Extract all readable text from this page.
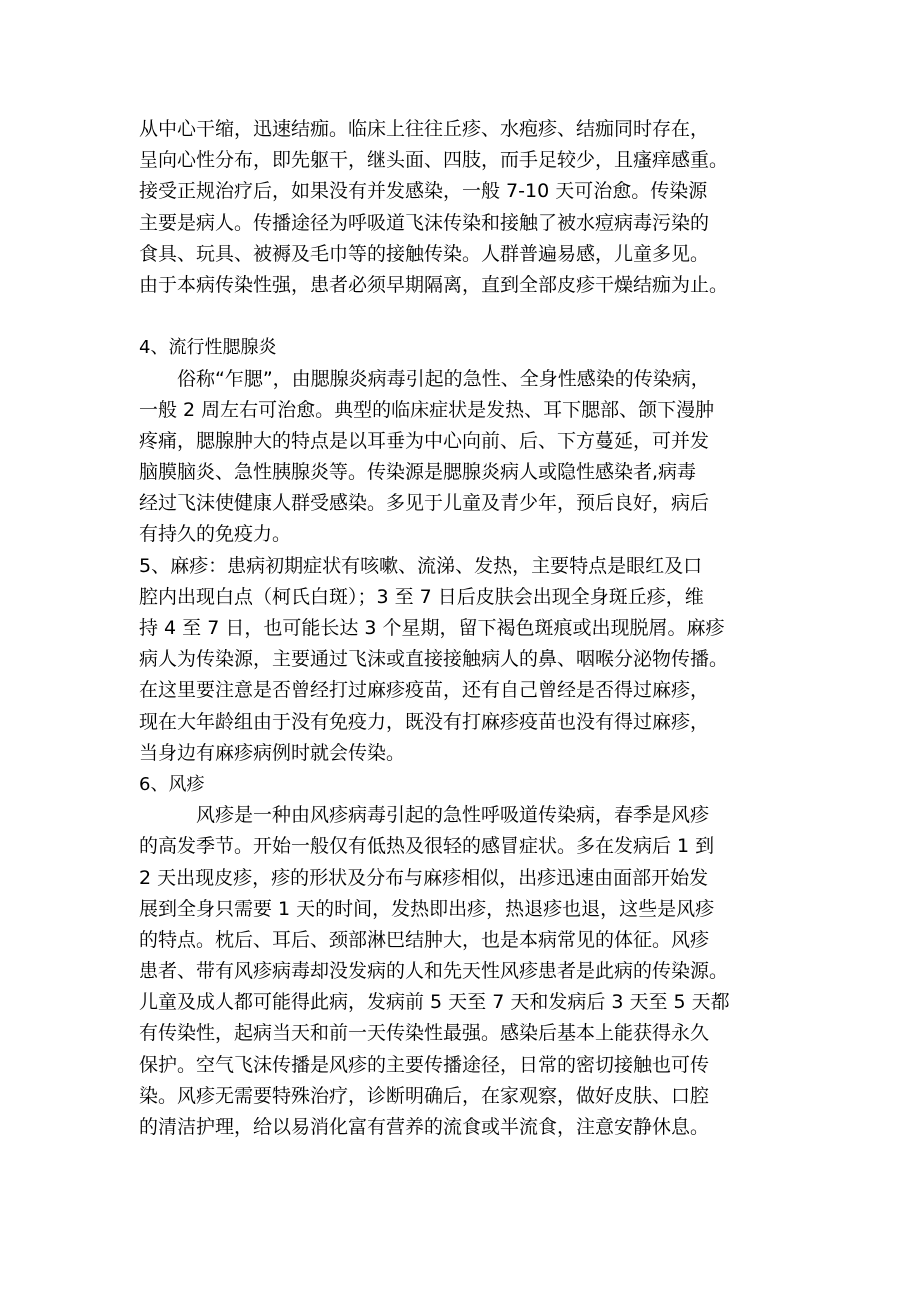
从中心干缩，迅速结痂。临床上往往丘疹、水疱疹、结痂同时存在，
呈向心性分布，即先躯干，继头面、四肢，而手足较少，且瘙痒感重。
接受正规治疗后，如果没有并发感染，一般 7-10 天可治愈。传染源
主要是病人。传播途径为呼吸道飞沫传染和接触了被水痘病毒污染的
食具、玩具、被褥及毛巾等的接触传染。人群普遍易感，儿童多见。
由于本病传染性强，患者必须早期隔离，直到全部皮疹干燥结痂为止。
4、流行性腮腺炎
　　俗称“乍腮”，由腮腺炎病毒引起的急性、全身性感染的传染病，
一般 2 周左右可治愈。典型的临床症状是发热、耳下腮部、颌下漫肿
疼痛，腮腺肿大的特点是以耳垂为中心向前、后、下方蔓延，可并发
脑膜脑炎、急性胰腺炎等。传染源是腮腺炎病人或隐性感染者,病毒
经过飞沫使健康人群受感染。多见于儿童及青少年，预后良好，病后
有持久的免疫力。
5、麻疹：患病初期症状有咳嗽、流涕、发热，主要特点是眼红及口
腔内出现白点（柯氏白斑）；3 至 7 日后皮肤会出现全身斑丘疹，维
持 4 至 7 日，也可能长达 3 个星期，留下褐色斑痕或出现脱屑。麻疹
病人为传染源，主要通过飞沫或直接接触病人的鼻、咽喉分泌物传播。
在这里要注意是否曾经打过麻疹疫苗，还有自己曾经是否得过麻疹，
现在大年龄组由于没有免疫力，既没有打麻疹疫苗也没有得过麻疹，
当身边有麻疹病例时就会传染。
6、风疹
　　　风疹是一种由风疹病毒引起的急性呼吸道传染病，春季是风疹
的高发季节。开始一般仅有低热及很轻的感冒症状。多在发病后 1 到
2 天出现皮疹，疹的形状及分布与麻疹相似，出疹迅速由面部开始发
展到全身只需要 1 天的时间，发热即出疹，热退疹也退，这些是风疹
的特点。枕后、耳后、颈部淋巴结肿大，也是本病常见的体征。风疹
患者、带有风疹病毒却没发病的人和先天性风疹患者是此病的传染源。
儿童及成人都可能得此病，发病前 5 天至 7 天和发病后 3 天至 5 天都
有传染性，起病当天和前一天传染性最强。感染后基本上能获得永久
保护。空气飞沫传播是风疹的主要传播途径，日常的密切接触也可传
染。风疹无需要特殊治疗，诊断明确后，在家观察，做好皮肤、口腔
的清洁护理，给以易消化富有营养的流食或半流食，注意安静休息。
